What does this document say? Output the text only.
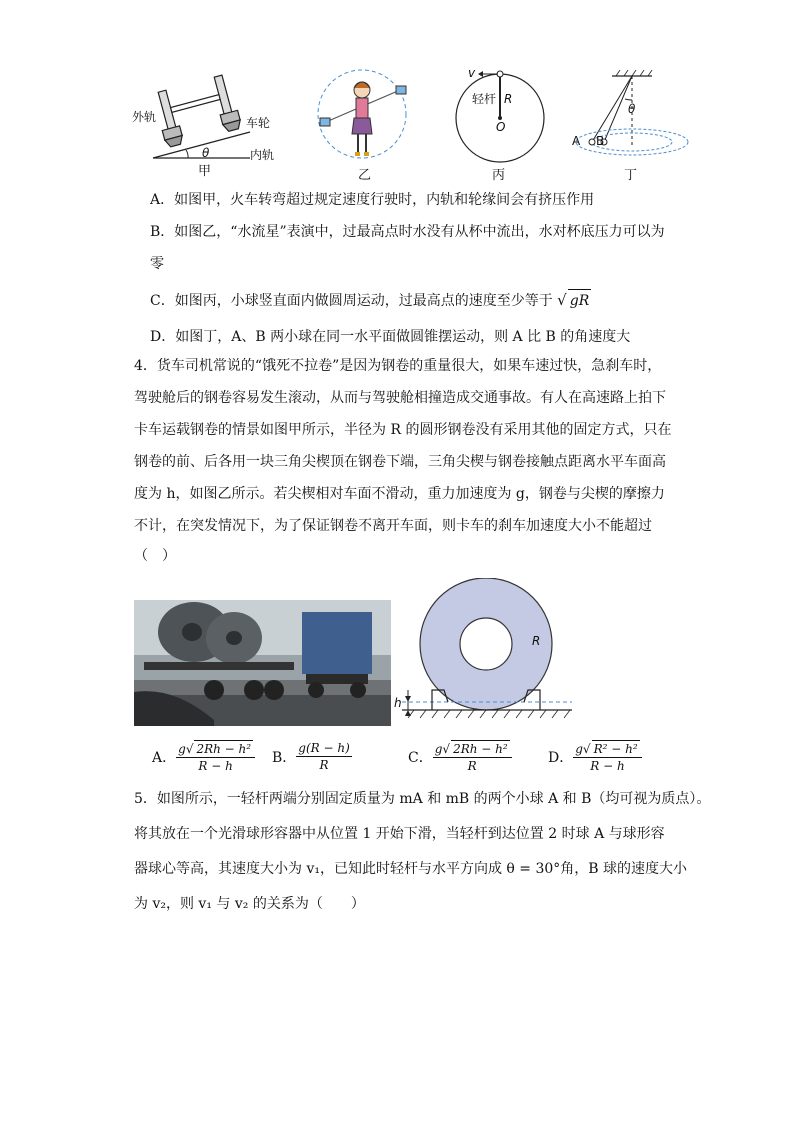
外轨	车轮
内轨
θ
甲	乙
v
轻杆 R
O
丙
θ
A B
丁
A．如图甲，火车转弯超过规定速度行驶时，内轨和轮缘间会有挤压作用
B．如图乙，“水流星”表演中，过最高点时水没有从杯中流出，水对杯底压力可以为
零
C．如图丙，小球竖直面内做圆周运动，过最高点的速度至少等于 √ gR
D．如图丁，A、B 两小球在同一水平面做圆锥摆运动，则 A 比 B 的角速度大
4．货车司机常说的“饿死不拉卷”是因为钢卷的重量很大，如果车速过快，急刹车时，
驾驶舱后的钢卷容易发生滚动，从而与驾驶舱相撞造成交通事故。有人在高速路上拍下
卡车运载钢卷的情景如图甲所示，半径为 R 的圆形钢卷没有采用其他的固定方式，只在
钢卷的前、后各用一块三角尖楔顶在钢卷下端，三角尖楔与钢卷接触点距离水平车面高
度为 h，如图乙所示。若尖楔相对车面不滑动，重力加速度为 g，钢卷与尖楔的摩擦力
不计，在突发情况下，为了保证钢卷不离开车面，则卡车的刹车加速度大小不能超过
（　）
R
h
A． $\frac{\text{g√ 2Rh − h²}}{R - h}$ B． $\frac{g(R - h)}{R}$	C． $\frac{\text{g√ 2Rh − h²}}{R}$	D． $\frac{\text{g√ R² − h²}}{R - h}$
5．如图所示，一轻杆两端分别固定质量为 mA 和 mB 的两个小球 A 和 B（均可视为质点）。
将其放在一个光滑球形容器中从位置 1 开始下滑，当轻杆到达位置 2 时球 A 与球形容
器球心等高，其速度大小为 v₁，已知此时轻杆与水平方向成 θ = 30°角，B 球的速度大小
为 v₂，则 v₁ 与 v₂ 的关系为（　　）
